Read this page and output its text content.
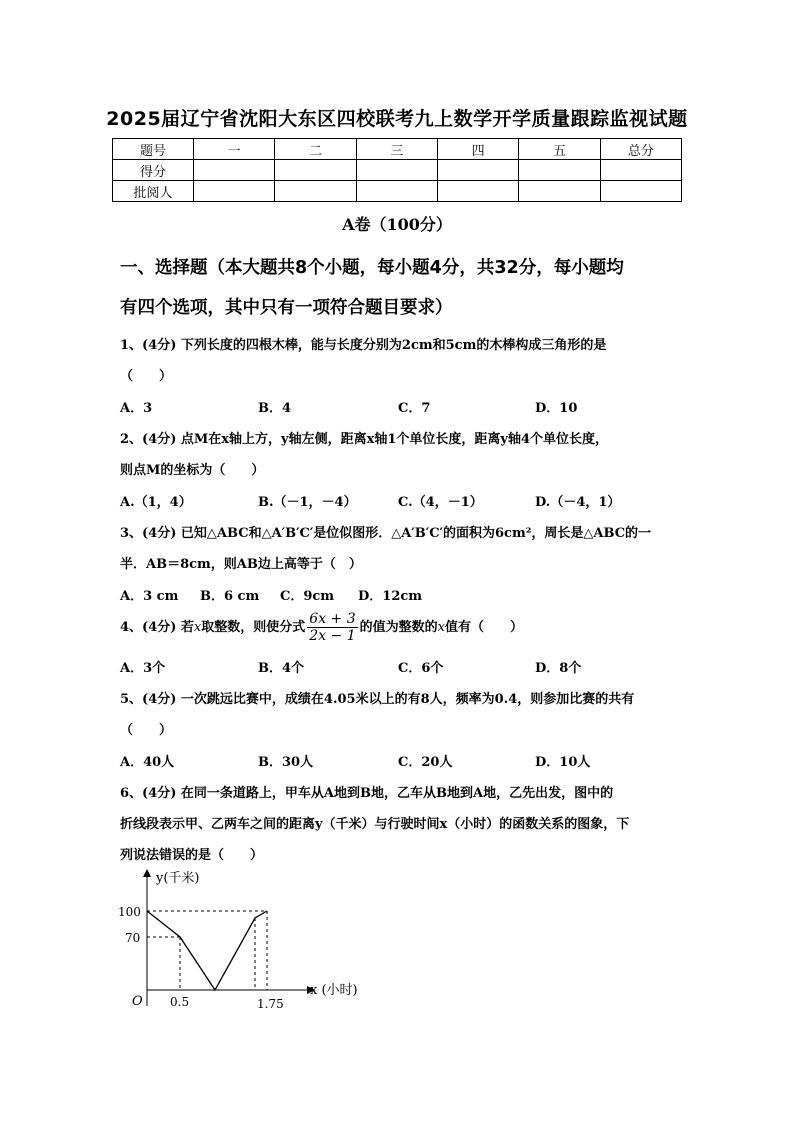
2025届辽宁省沈阳大东区四校联考九上数学开学质量跟踪监视试题
题号	一	二	三	四	五	总分
得分						
批阅人						
A卷（100分）
一、选择题（本大题共8个小题，每小题4分，共32分，每小题均
有四个选项，其中只有一项符合题目要求）
1、(4分) 下列长度的四根木棒，能与长度分别为2cm和5cm的木棒构成三角形的是
（　　）
A．3	B．4	C．7	D．10
2、(4分) 点M在x轴上方，y轴左侧，距离x轴1个单位长度，距离y轴4个单位长度，
则点M的坐标为（　　）
A.（1，4）	B.（－1，－4）	C.（4，－1）	D.（－4，1）
3、(4分) 已知△ABC和△A′B′C′是位似图形．△A′B′C′的面积为6cm²，周长是△ABC的一
半．AB＝8cm，则AB边上高等于（　）
A．3 cm B．6 cm C．9cm D．12cm
4、(4分) 若x取整数，则使分式 $\frac{6x + 3}{2x - 1}$ 的值为整数的x值有（　　）
A．3个	B．4个	C．6个	D．8个
5、(4分) 一次跳远比赛中，成绩在4.05米以上的有8人，频率为0.4，则参加比赛的共有
（　　）
A．40人	B．30人	C．20人	D．10人
6、(4分) 在同一条道路上，甲车从A地到B地，乙车从B地到A地，乙先出发，图中的
折线段表示甲、乙两车之间的距离y（千米）与行驶时间x（小时）的函数关系的图象，下
列说法错误的是（　　）
y(千米)
x (小时)
O
100
70
0.5	1.75
